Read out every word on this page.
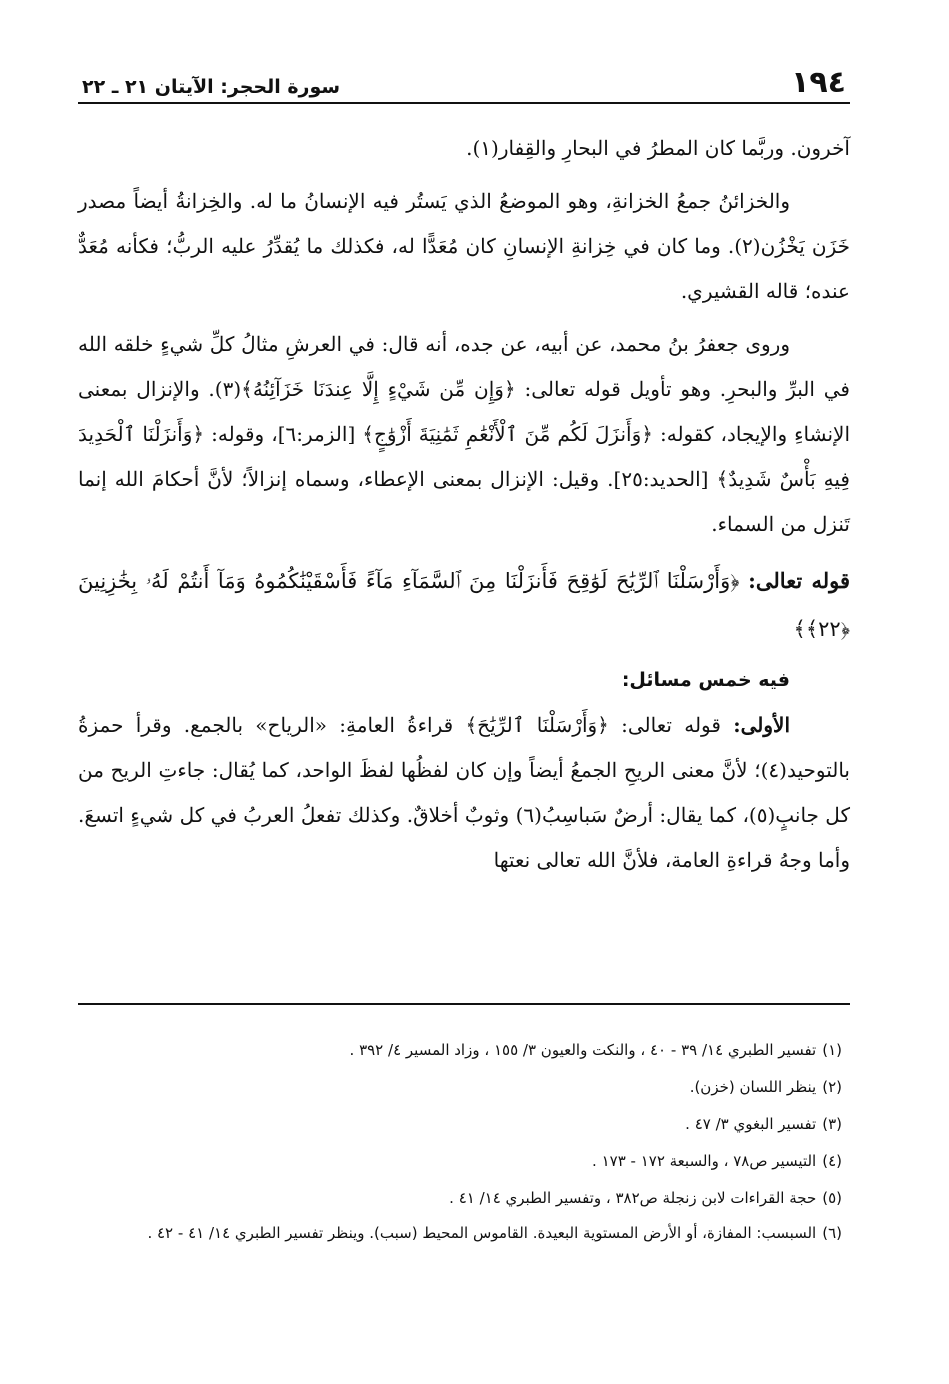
١٩٤
سورة الحجر: الآيتان ٢١ ـ ٢٢

آخرون. وربَّما كان المطرُ في البحارِ والقِفار(١).

والخزائنُ جمعُ الخزانةِ، وهو الموضعُ الذي يَستُر فيه الإنسانُ ما له. والخِزانةُ أيضاً مصدر خَزَن يَخْزُن(٢). وما كان في خِزانةِ الإنسانِ كان مُعَدًّا له، فكذلك ما يُقدِّرُ عليه الربُّ؛ فكأنه مُعَدٌّ عنده؛ قاله القشيري.

وروى جعفرُ بنُ محمد، عن أبيه، عن جده، أنه قال: في العرشِ مثالُ كلِّ شيءٍ خلقه الله في البرِّ والبحرِ. وهو تأويل قوله تعالى: ﴿وَإِن مِّن شَيْءٍ إِلَّا عِندَنَا خَزَآئِنُهُ﴾(٣). والإنزال بمعنى الإنشاءِ والإيجاد، كقوله: ﴿وَأَنزَلَ لَكُم مِّنَ ٱلْأَنْعَٰمِ ثَمَٰنِيَةَ أَزْوَٰجٍ﴾ [الزمر:٦]، وقوله: ﴿وَأَنزَلْنَا ٱلْحَدِيدَ فِيهِ بَأْسٌ شَدِيدٌ﴾ [الحديد:٢٥]. وقيل: الإنزال بمعنى الإعطاء، وسماه إنزالاً؛ لأنَّ أحكامَ الله إنما تَنزل من السماء.

قوله تعالى: ﴿وَأَرْسَلْنَا ٱلرِّيَٰحَ لَوَٰقِحَ فَأَنزَلْنَا مِنَ ٱلسَّمَآءِ مَآءً فَأَسْقَيْنَٰكُمُوهُ وَمَآ أَنتُمْ لَهُۥ بِخَٰزِنِينَ ﴿٢٢﴾﴾

فيه خمس مسائل:

الأولى: قوله تعالى: ﴿وَأَرْسَلْنَا ٱلرِّيَٰحَ﴾ قراءةُ العامةِ: «الرياح» بالجمع. وقرأ حمزةُ بالتوحيد(٤)؛ لأنَّ معنى الريحِ الجمعُ أيضاً وإن كان لفظُها لفظَ الواحد، كما يُقال: جاءتِ الريح من كل جانبٍ(٥)، كما يقال: أرضٌ سَباسِبُ(٦) وثوبٌ أخلاقٌ. وكذلك تفعلُ العربُ في كل شيءٍ اتسعَ. وأما وجهُ قراءةِ العامة، فلأنَّ الله تعالى نعتها

(١)تفسير الطبري ١٤/ ٣٩ - ٤٠ ، والنكت والعيون ٣/ ١٥٥ ، وزاد المسير ٤/ ٣٩٢ .

(٢)ينظر اللسان (خزن).

(٣)تفسير البغوي ٣/ ٤٧ .

(٤)التيسير ص٧٨ ، والسبعة ١٧٢ - ١٧٣ .

(٥)حجة القراءات لابن زنجلة ص٣٨٢ ، وتفسير الطبري ١٤/ ٤١ .

(٦)السبسب: المفازة، أو الأرض المستوية البعيدة. القاموس المحيط (سبب). وينظر تفسير الطبري ١٤/ ٤١ - ٤٢ .
